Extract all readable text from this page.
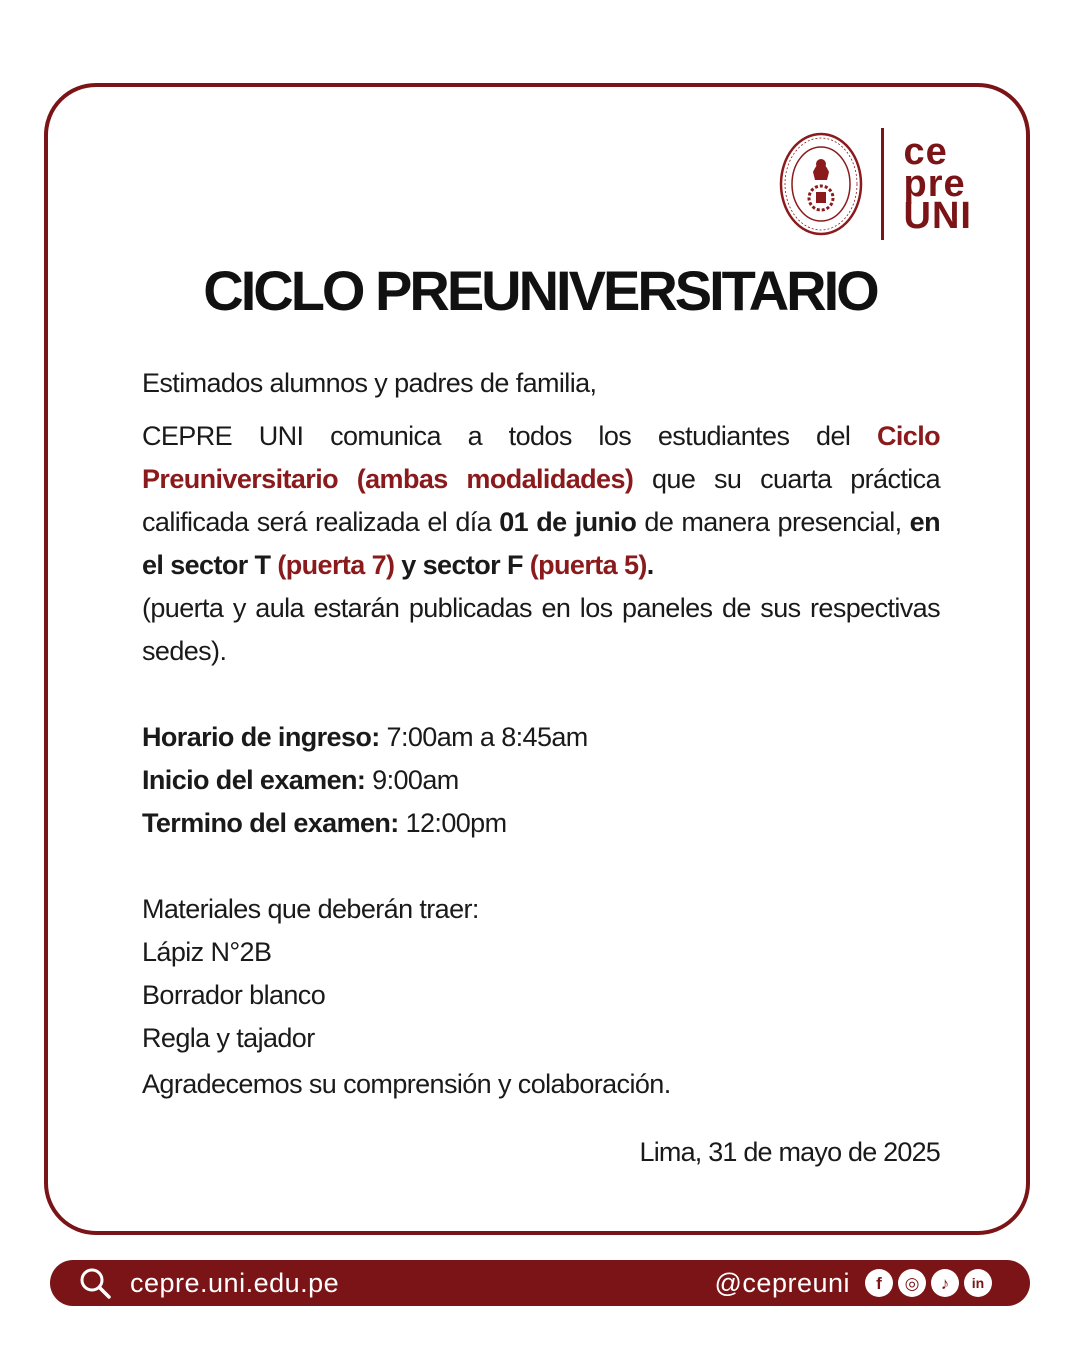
ce
pre
UNI
CICLO PREUNIVERSITARIO

Estimados alumnos y padres de familia,

CEPRE UNI comunica a todos los estudiantes del Ciclo Preuniversitario (ambas modalidades) que su cuarta práctica calificada será realizada el día 01 de junio de manera presencial, en el sector T (puerta 7) y sector F (puerta 5).

(puerta y aula estarán publicadas en los paneles de sus respectivas sedes).

Horario de ingreso: 7:00am a 8:45am

Inicio del examen: 9:00am

Termino del examen: 12:00pm

Materiales que deberán traer:

Lápiz N°2B

Borrador blanco

Regla y tajador

Agradecemos su comprensión y colaboración.

Lima, 31 de mayo de 2025
cepre.uni.edu.pe	@cepreuni	f	◎	♪	in
